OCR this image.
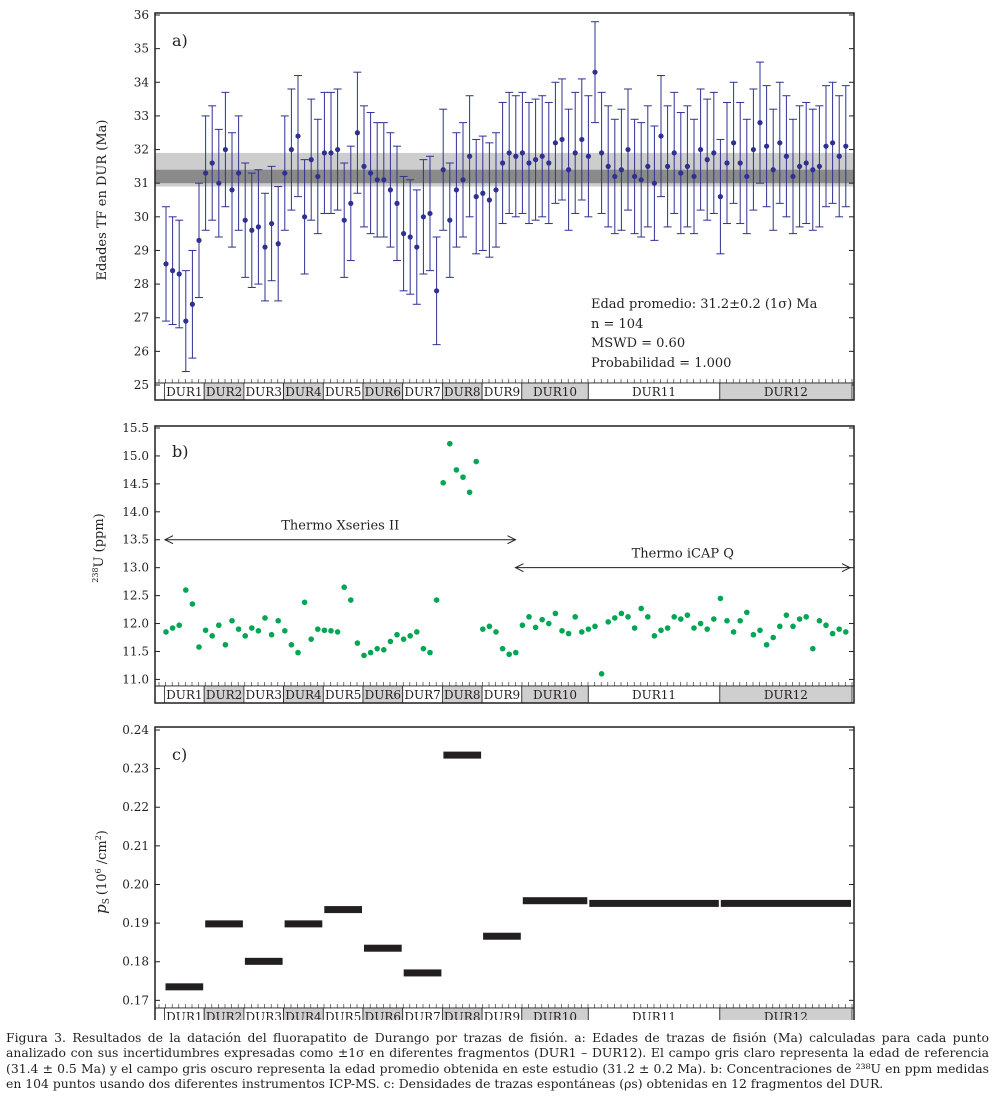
25
26
27
28
29
30
31
32
33
34
35
36
DUR1 DUR2 DUR3 DUR4 DUR5 DUR6 DUR7 DUR8 DUR9 DUR10	DUR11	DUR12
a)
Edades TF en DUR (Ma)
Edad promedio: 31.2±0.2 (1σ) Ma
n = 104
MSWD = 0.60
Probabilidad = 1.000
11.0
11.5
12.0
12.5
13.0
13.5
14.0
14.5
15.0
15.5
Thermo Xseries II
Thermo iCAP Q
DUR1 DUR2 DUR3 DUR4 DUR5 DUR6 DUR7 DUR8 DUR9 DUR10	DUR11	DUR12
b)
$^{238}$U (ppm)
0.17
0.18
0.19
0.20
0.21
0.22
0.23
0.24
DUR1 DUR2 DUR3 DUR4 DUR5 DUR6 DUR7 DUR8 DUR9 DUR10	DUR11	DUR12
c)
$p_S(10^6$ $/cm^2$)

Figura 3. Resultados de la datación del fluorapatito de Durango por trazas de fisión. a: Edades de trazas de fisión (Ma) calculadas para cada punto analizado con sus incertidumbres expresadas como ±1σ en diferentes fragmentos (DUR1 – DUR12). El campo gris claro representa la edad de referencia (31.4 ± 0.5 Ma) y el campo gris oscuro representa la edad promedio obtenida en este estudio (31.2 ± 0.2 Ma). b: Concentraciones de ²³⁸U en ppm medidas en 104 puntos usando dos diferentes instrumentos ICP-MS. c: Densidades de trazas espontáneas (ρs) obtenidas en 12 fragmentos del DUR.
